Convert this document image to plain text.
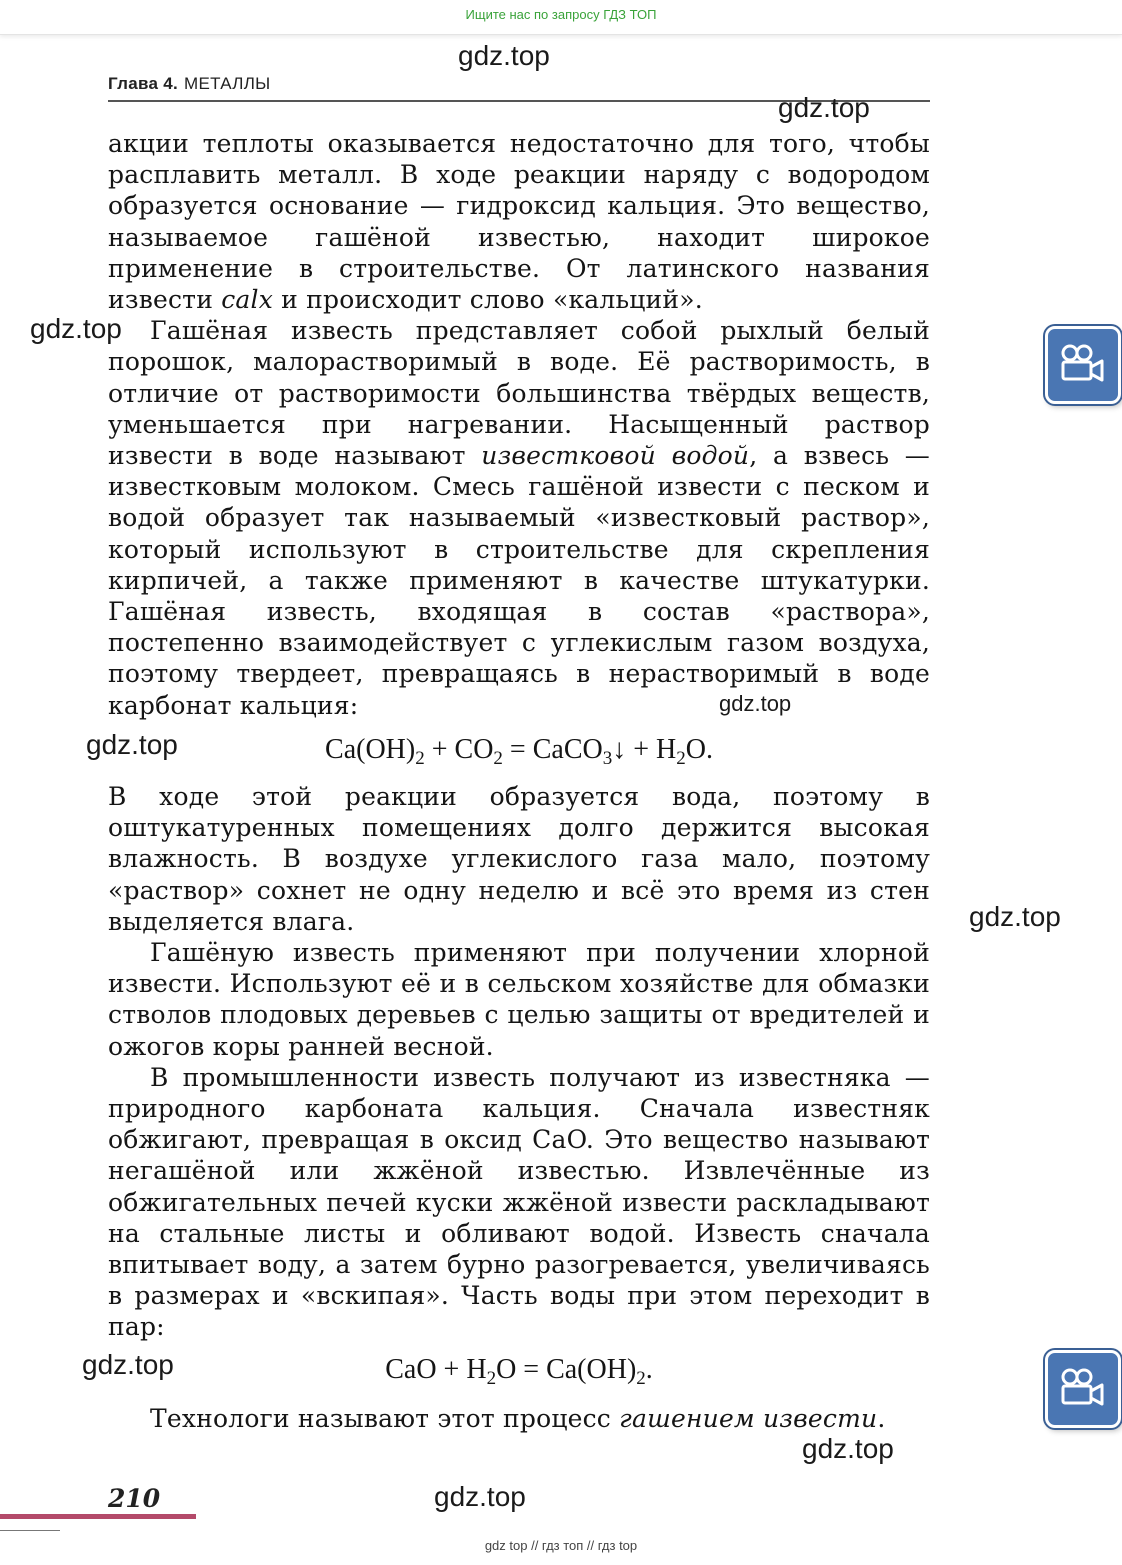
Ищите нас по запросу ГДЗ ТОП
Глава 4. МЕТАЛЛЫ

акции теплоты оказывается недостаточно для того, чтобы расплавить металл. В ходе реакции наряду с водородом образуется основание — гидроксид кальция. Это вещество, называемое гашёной известью, находит широкое применение в строительстве. От латинского названия извести calx и происходит слово «кальций».

Гашёная известь представляет собой рыхлый белый порошок, малорастворимый в воде. Её растворимость, в отличие от растворимости большинства твёрдых веществ, уменьшается при нагревании. Насыщенный раствор извести в воде называют известковой водой, а взвесь — известковым молоком. Смесь гашёной извести с песком и водой образует так называемый «известковый раствор», который используют в строительстве для скрепления кирпичей, а также применяют в качестве штукатурки. Гашёная известь, входящая в состав «раствора», постепенно взаимодействует с углекислым газом воздуха, поэтому твердеет, превращаясь в нерастворимый в воде карбонат кальция:

$Ca(OH)_2 + CO_2$ = CaCO$_3$↓ + $H_2O$.

В ходе этой реакции образуется вода, поэтому в оштукатуренных помещениях долго держится высокая влажность. В воздухе углекислого газа мало, поэтому «раствор» сохнет не одну неделю и всё это время из стен выделяется влага.

Гашёную известь применяют при получении хлорной извести. Используют её и в сельском хозяйстве для обмазки стволов плодовых деревьев с целью защиты от вредителей и ожогов коры ранней весной.

В промышленности известь получают из известняка — природного карбоната кальция. Сначала известняк обжигают, превращая в оксид CaO. Это вещество называют негашёной или жжёной известью. Извлечённые из обжигательных печей куски жжёной извести раскладывают на стальные листы и обливают водой. Известь сначала впитывает воду, а затем бурно разогревается, увеличиваясь в размерах и «вскипая». Часть воды при этом переходит в пар:

CaO + $H_2O = Ca(OH)_2$.

Технологи называют этот процесс гашением извести.

gdz.top
gdz.top
gdz.top
gdz.top
gdz.top
gdz.top
gdz.top
gdz.top
gdz.top
210
gdz top // гдз топ // гдз top
